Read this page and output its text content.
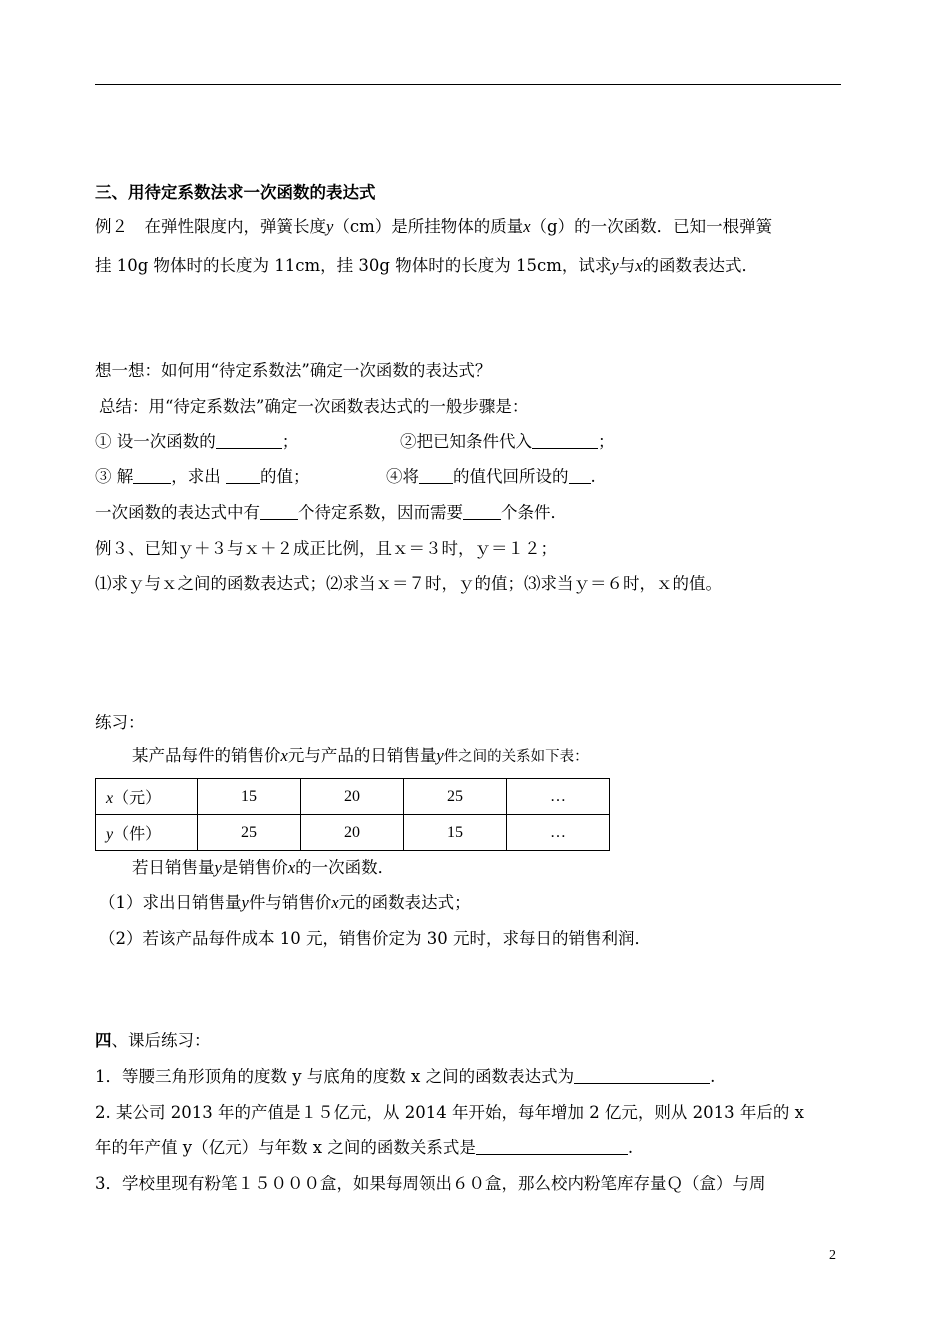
三、用待定系数法求一次函数的表达式
例２　在弹性限度内，弹簧长度y（cm）是所挂物体的质量x（g）的一次函数．已知一根弹簧
挂 10g 物体时的长度为 11cm，挂 30g 物体时的长度为 15cm，试求y与x的函数表达式．
想一想：如何用“待定系数法”确定一次函数的表达式？
总结：用“待定系数法”确定一次函数表达式的一般步骤是：
① 设一次函数的	；	②把已知条件代入	；
③ 解 ，求出 的值；	④将 的值代回所设的 .
一次函数的表达式中有 个待定系数，因而需要 个条件．
例３、已知ｙ＋３与ｘ＋２成正比例，且ｘ＝３时，ｙ＝１２；
⑴求ｙ与ｘ之间的函数表达式；⑵求当ｘ＝７时，ｙ的值；⑶求当ｙ＝６时，ｘ的值。
练习：
某产品每件的销售价x元与产品的日销售量y件之间的关系如下表：
x（元）	15	20	25	…
y（件）	25	20	15	…
若日销售量y是销售价x的一次函数．
（1）求出日销售量y件与销售价x元的函数表达式；
（2）若该产品每件成本 10 元，销售价定为 30 元时，求每日的销售利润．
四、课后练习：
1．等腰三角形顶角的度数 y 与底角的度数 x 之间的函数表达式为	.
2. 某公司 2013 年的产值是１５亿元，从 2014 年开始，每年增加 2 亿元，则从 2013 年后的 x
年的年产值 y（亿元）与年数 x 之间的函数关系式是	.
3．学校里现有粉笔１５０００盒，如果每周领出６０盒，那么校内粉笔库存量Ｑ（盒）与周
2
